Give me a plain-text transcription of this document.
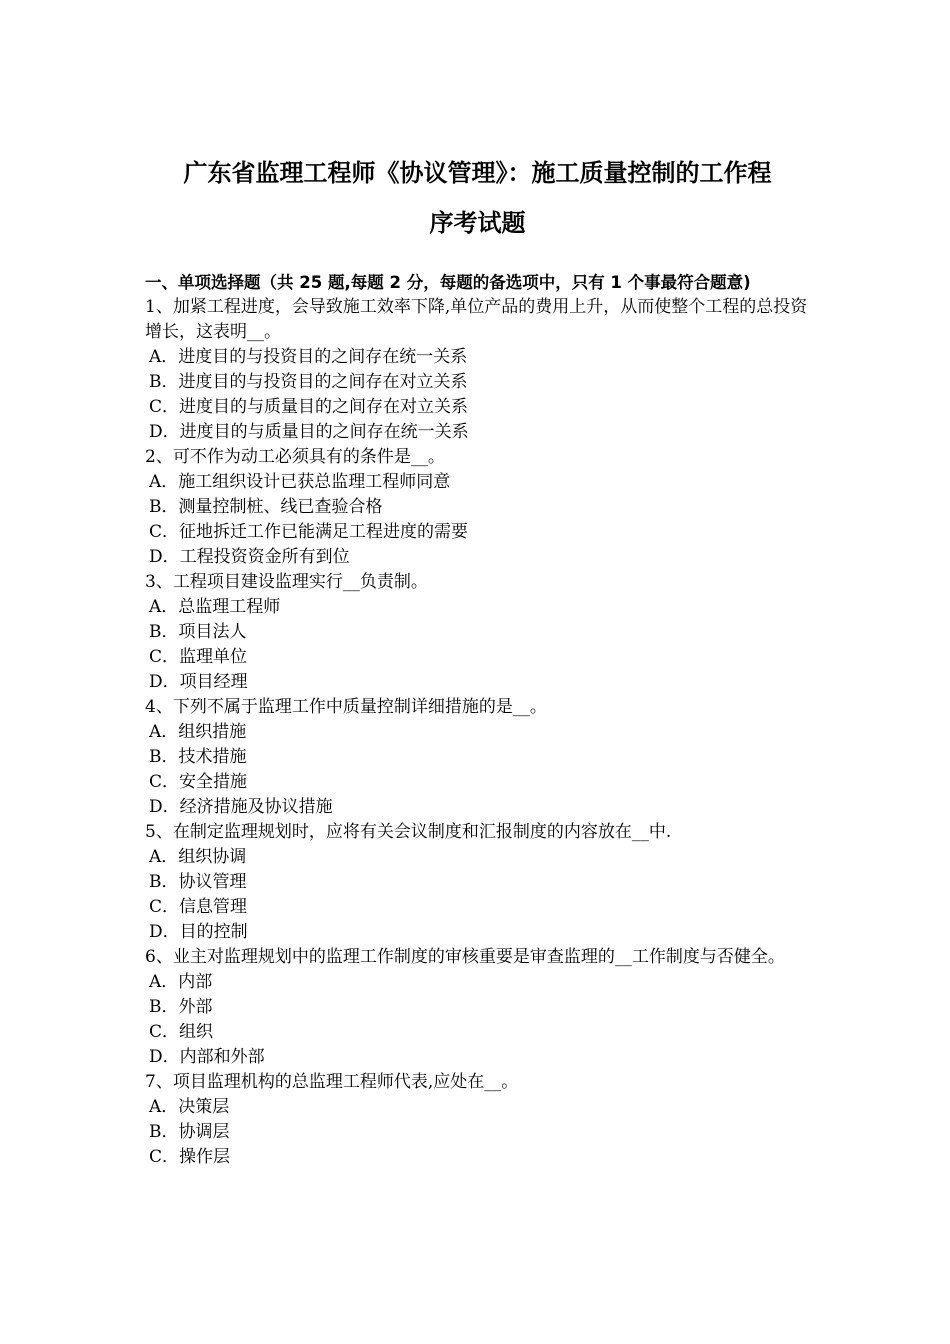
广东省监理工程师《协议管理》：施工质量控制的工作程
序考试题
一、单项选择题（共 25 题,每题 2 分，每题的备选项中，只有 1 个事最符合题意)
1、加紧工程进度，会导致施工效率下降,单位产品的费用上升，从而使整个工程的总投资增长，这表明__。
A．进度目的与投资目的之间存在统一关系
B．进度目的与投资目的之间存在对立关系
C．进度目的与质量目的之间存在对立关系
D．进度目的与质量目的之间存在统一关系
2、可不作为动工必须具有的条件是__。
A．施工组织设计已获总监理工程师同意
B．测量控制桩、线已查验合格
C．征地拆迁工作已能满足工程进度的需要
D．工程投资资金所有到位
3、工程项目建设监理实行__负责制。
A．总监理工程师
B．项目法人
C．监理单位
D．项目经理
4、下列不属于监理工作中质量控制详细措施的是__。
A．组织措施
B．技术措施
C．安全措施
D．经济措施及协议措施
5、在制定监理规划时，应将有关会议制度和汇报制度的内容放在__中.
A．组织协调
B．协议管理
C．信息管理
D．目的控制
6、业主对监理规划中的监理工作制度的审核重要是审查监理的__工作制度与否健全。
A．内部
B．外部
C．组织
D．内部和外部
7、项目监理机构的总监理工程师代表,应处在__。
A．决策层
B．协调层
C．操作层
